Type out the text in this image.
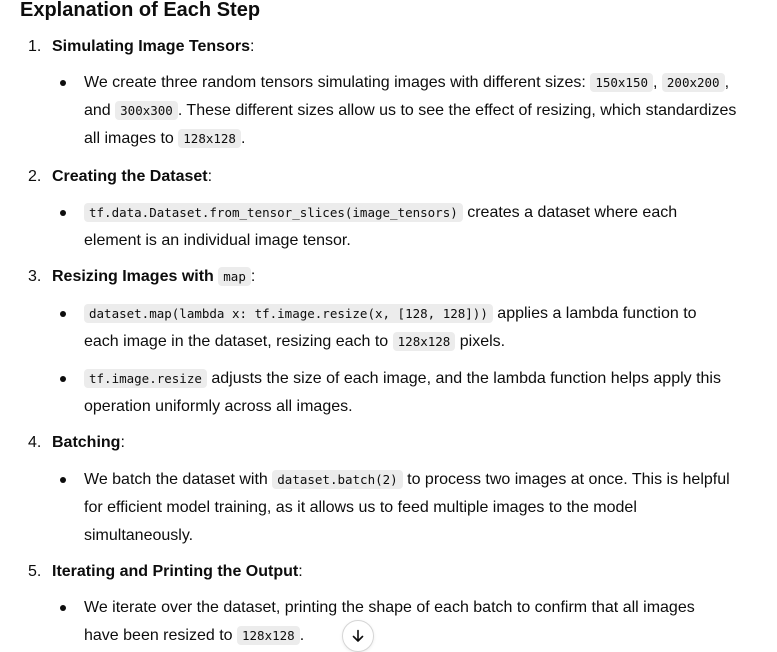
Explanation of Each Step
1. Simulating Image Tensors:
We create three random tensors simulating images with different sizes: 150x150 , 200x200 ,
and 300x300 . These different sizes allow us to see the effect of resizing, which standardizes
all images to 128x128 .
2. Creating the Dataset:
tf.data.Dataset.from_tensor_slices(image_tensors) creates a dataset where each
element is an individual image tensor.
3. Resizing Images with map :
dataset.map(lambda x: tf.image.resize(x, [128, 128])) applies a lambda function to
each image in the dataset, resizing each to 128x128 pixels.
tf.image.resize adjusts the size of each image, and the lambda function helps apply this
operation uniformly across all images.
4. Batching:
We batch the dataset with dataset.batch(2) to process two images at once. This is helpful
for efficient model training, as it allows us to feed multiple images to the model
simultaneously.
5. Iterating and Printing the Output:
We iterate over the dataset, printing the shape of each batch to confirm that all images
have been resized to 128x128 .
